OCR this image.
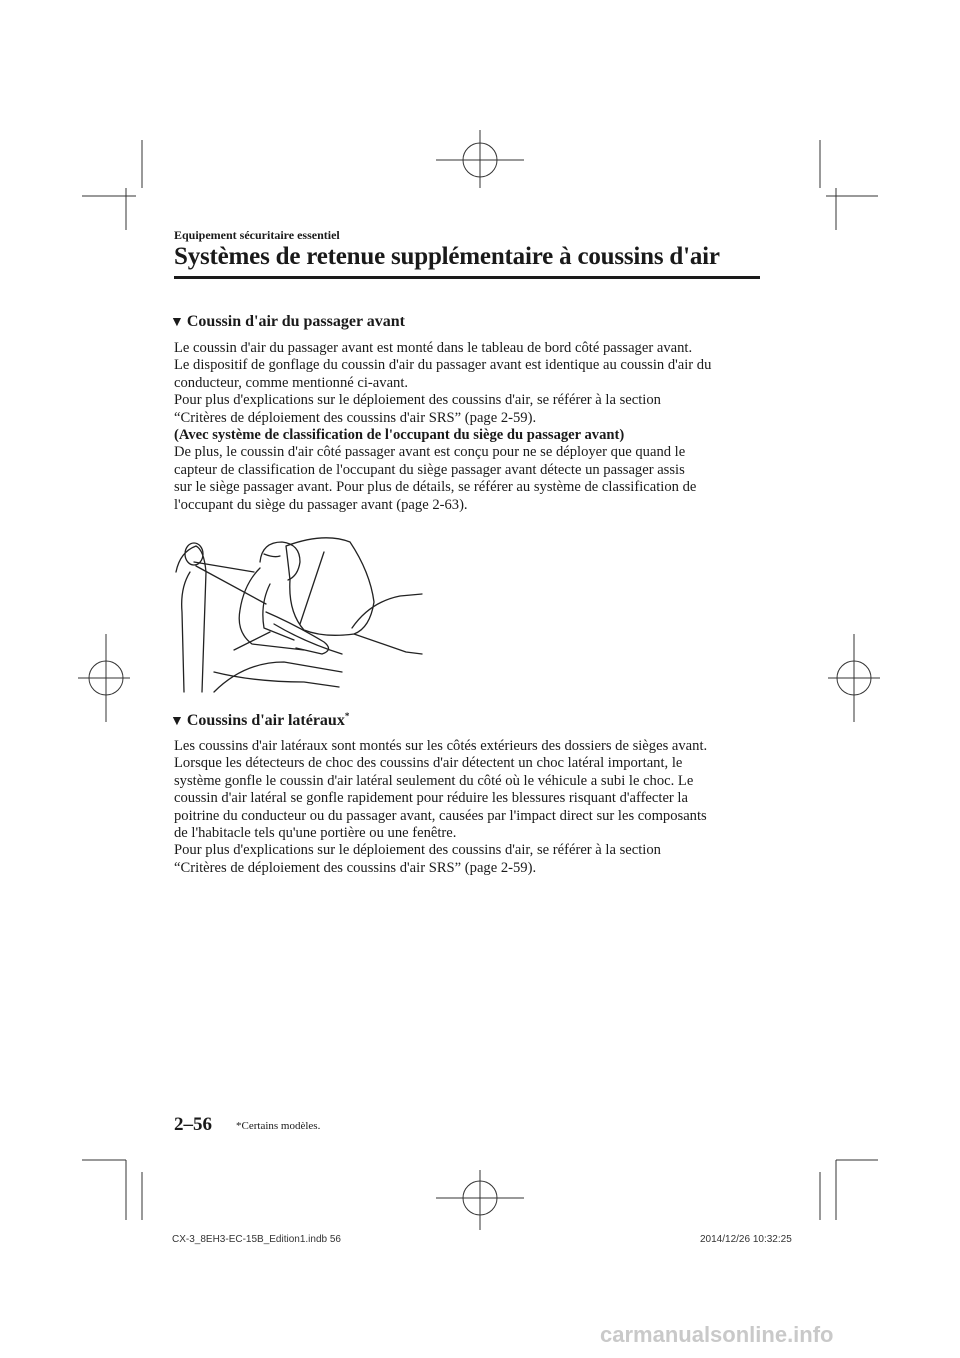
Equipement sécuritaire essentiel
Systèmes de retenue supplémentaire à coussins d'air
▼ Coussin d'air du passager avant
Le coussin d'air du passager avant est monté dans le tableau de bord côté passager avant.
Le dispositif de gonflage du coussin d'air du passager avant est identique au coussin d'air du
conducteur, comme mentionné ci-avant.
Pour plus d'explications sur le déploiement des coussins d'air, se référer à la section
“Critères de déploiement des coussins d'air SRS” (page 2-59).
(Avec système de classification de l'occupant du siège du passager avant)
De plus, le coussin d'air côté passager avant est conçu pour ne se déployer que quand le
capteur de classification de l'occupant du siège passager avant détecte un passager assis
sur le siège passager avant. Pour plus de détails, se référer au système de classification de
l'occupant du siège du passager avant (page 2-63).
▼ Coussins d'air latéraux*
Les coussins d'air latéraux sont montés sur les côtés extérieurs des dossiers de sièges avant.
Lorsque les détecteurs de choc des coussins d'air détectent un choc latéral important, le
système gonfle le coussin d'air latéral seulement du côté où le véhicule a subi le choc. Le
coussin d'air latéral se gonfle rapidement pour réduire les blessures risquant d'affecter la
poitrine du conducteur ou du passager avant, causées par l'impact direct sur les composants
de l'habitacle tels qu'une portière ou une fenêtre.
Pour plus d'explications sur le déploiement des coussins d'air, se référer à la section
“Critères de déploiement des coussins d'air SRS” (page 2-59).
2–56 *Certains modèles.
CX-3_8EH3-EC-15B_Edition1.indb 56	2014/12/26 10:32:25
carmanualsonline.info
